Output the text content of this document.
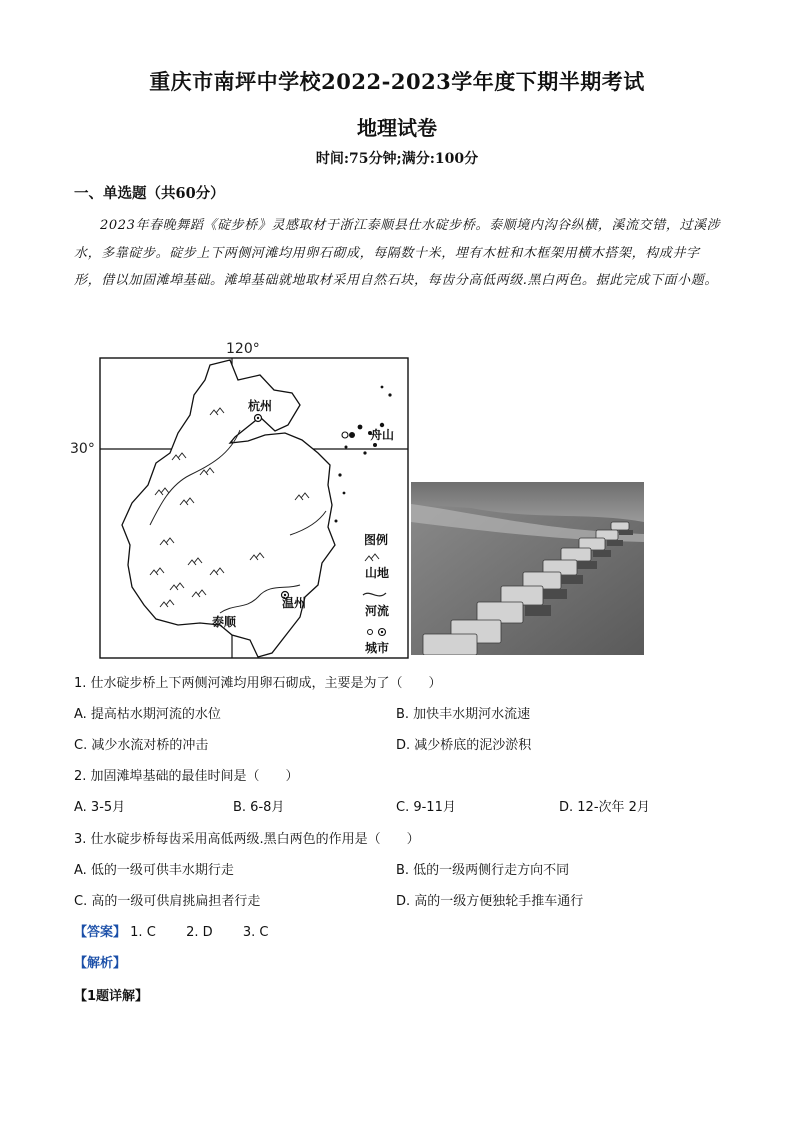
重庆市南坪中学校2022-2023学年度下期半期考试
地理试卷
时间:75分钟;满分:100分
一、单选题（共60分）
2023年春晚舞蹈《碇步桥》灵感取材于浙江泰顺县仕水碇步桥。泰顺境内沟谷纵横，溪流交错，过溪涉水，多靠碇步。碇步上下两侧河滩均用卵石砌成，每隔数十米，埋有木桩和木框架用横木搭架，构成井字形，借以加固滩埠基础。滩埠基础就地取材采用自然石块，每齿分高低两级.黑白两色。据此完成下面小题。
120°
30°
杭州
舟山
温州
泰顺
图例
山地
河流
城市
1. 仕水碇步桥上下两侧河滩均用卵石砌成，主要是为了（　　）
A. 提高枯水期河流的水位	B. 加快丰水期河水流速
C. 减少水流对桥的冲击	D. 减少桥底的泥沙淤积
2. 加固滩埠基础的最佳时间是（　　）
A. 3-5月	B. 6-8月	C. 9-11月	D. 12-次年 2月
3. 仕水碇步桥每齿采用高低两级.黑白两色的作用是（　　）
A. 低的一级可供丰水期行走	B. 低的一级两侧行走方向不同
C. 高的一级可供肩挑扁担者行走	D. 高的一级方便独轮手推车通行
【答案】 1. C 2. D 3. C
【解析】
【1题详解】
